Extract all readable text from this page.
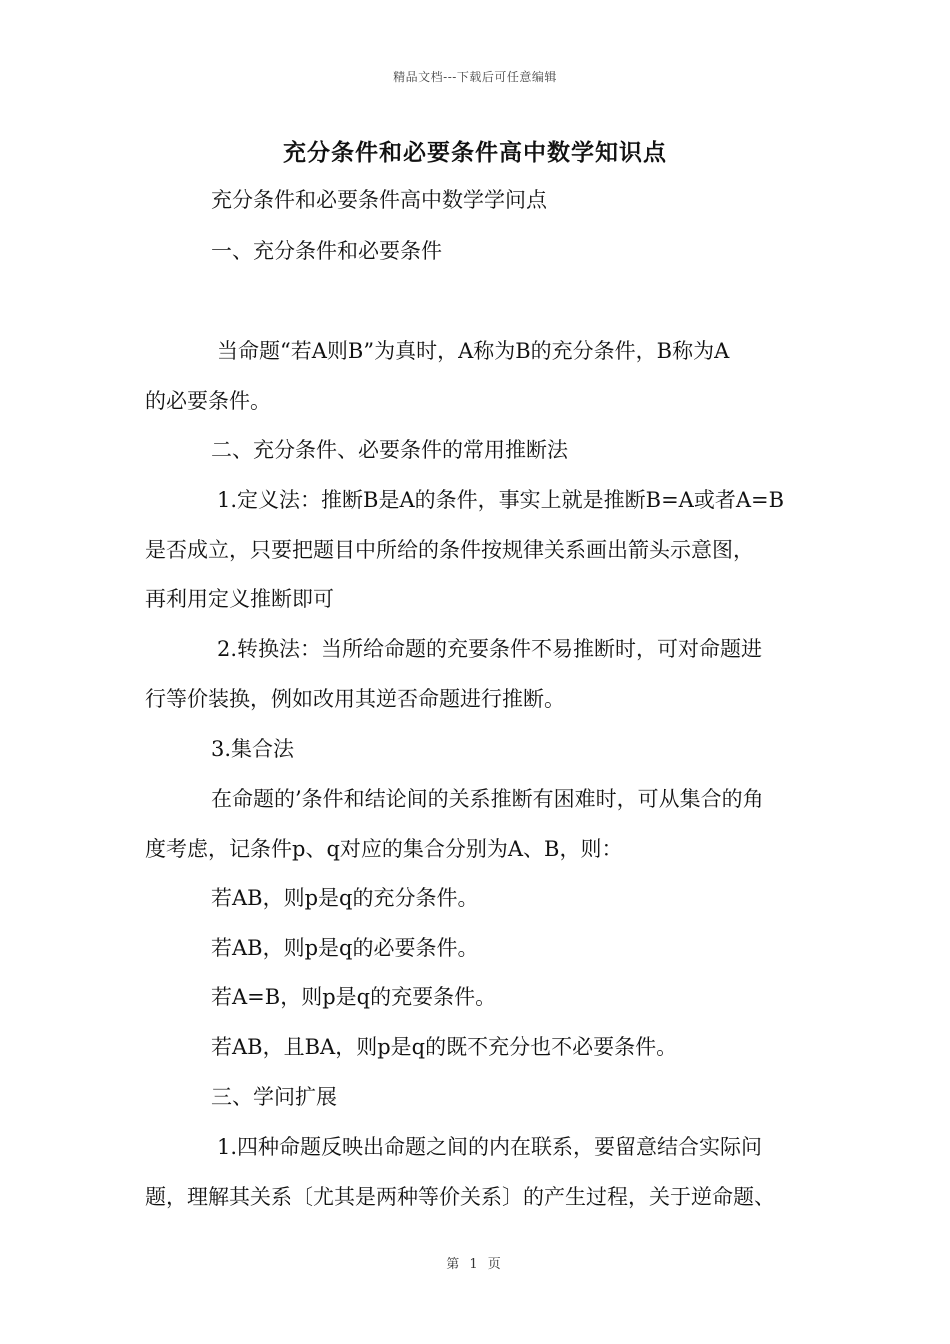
精品文档---下载后可任意编辑
充分条件和必要条件高中数学知识点
充分条件和必要条件高中数学学问点
一、充分条件和必要条件
当命题“若A则B”为真时，A称为B的充分条件，B称为A
的必要条件。
二、充分条件、必要条件的常用推断法
1.定义法：推断B是A的条件，事实上就是推断B=A或者A=B
是否成立，只要把题目中所给的条件按规律关系画出箭头示意图，
再利用定义推断即可
2.转换法：当所给命题的充要条件不易推断时，可对命题进
行等价装换，例如改用其逆否命题进行推断。
3.集合法
在命题的’条件和结论间的关系推断有困难时，可从集合的角
度考虑，记条件p、q对应的集合分别为A、B，则：
若AB，则p是q的充分条件。
若AB，则p是q的必要条件。
若A=B，则p是q的充要条件。
若AB，且BA，则p是q的既不充分也不必要条件。
三、学问扩展
1.四种命题反映出命题之间的内在联系，要留意结合实际问
题，理解其关系〔尤其是两种等价关系〕的产生过程，关于逆命题、
第 1 页
